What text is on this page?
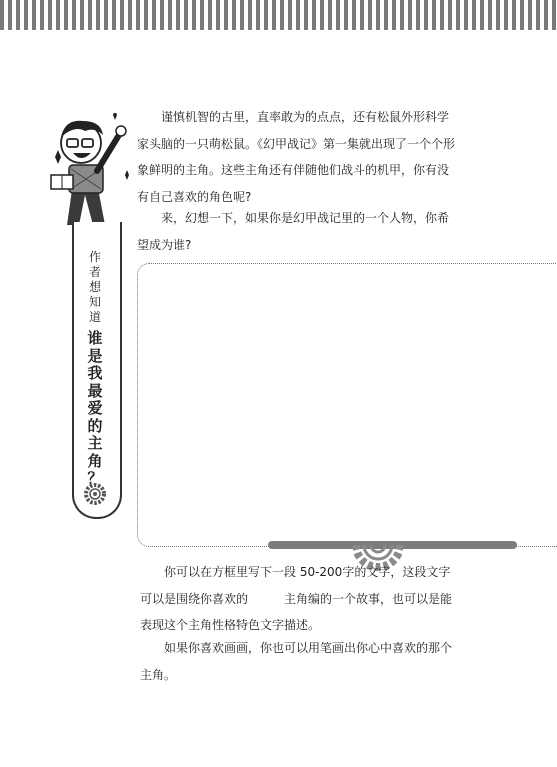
作
者
想
知
道
谁
是
我
最
爱
的
主
角
？

谨慎机智的古里，直率敢为的点点，还有松鼠外形科学家头脑的一只萌松鼠。《幻甲战记》第一集就出现了一个个形象鲜明的主角。这些主角还有伴随他们战斗的机甲，你有没有自己喜欢的角色呢?

来，幻想一下，如果你是幻甲战记里的一个人物，你希望成为谁?

你可以在方框里写下一段 50-200字的文字，这段文字可以是围绕你喜欢的　　　主角编的一个故事，也可以是能表现这个主角性格特色文字描述。

如果你喜欢画画，你也可以用笔画出你心中喜欢的那个主角。
